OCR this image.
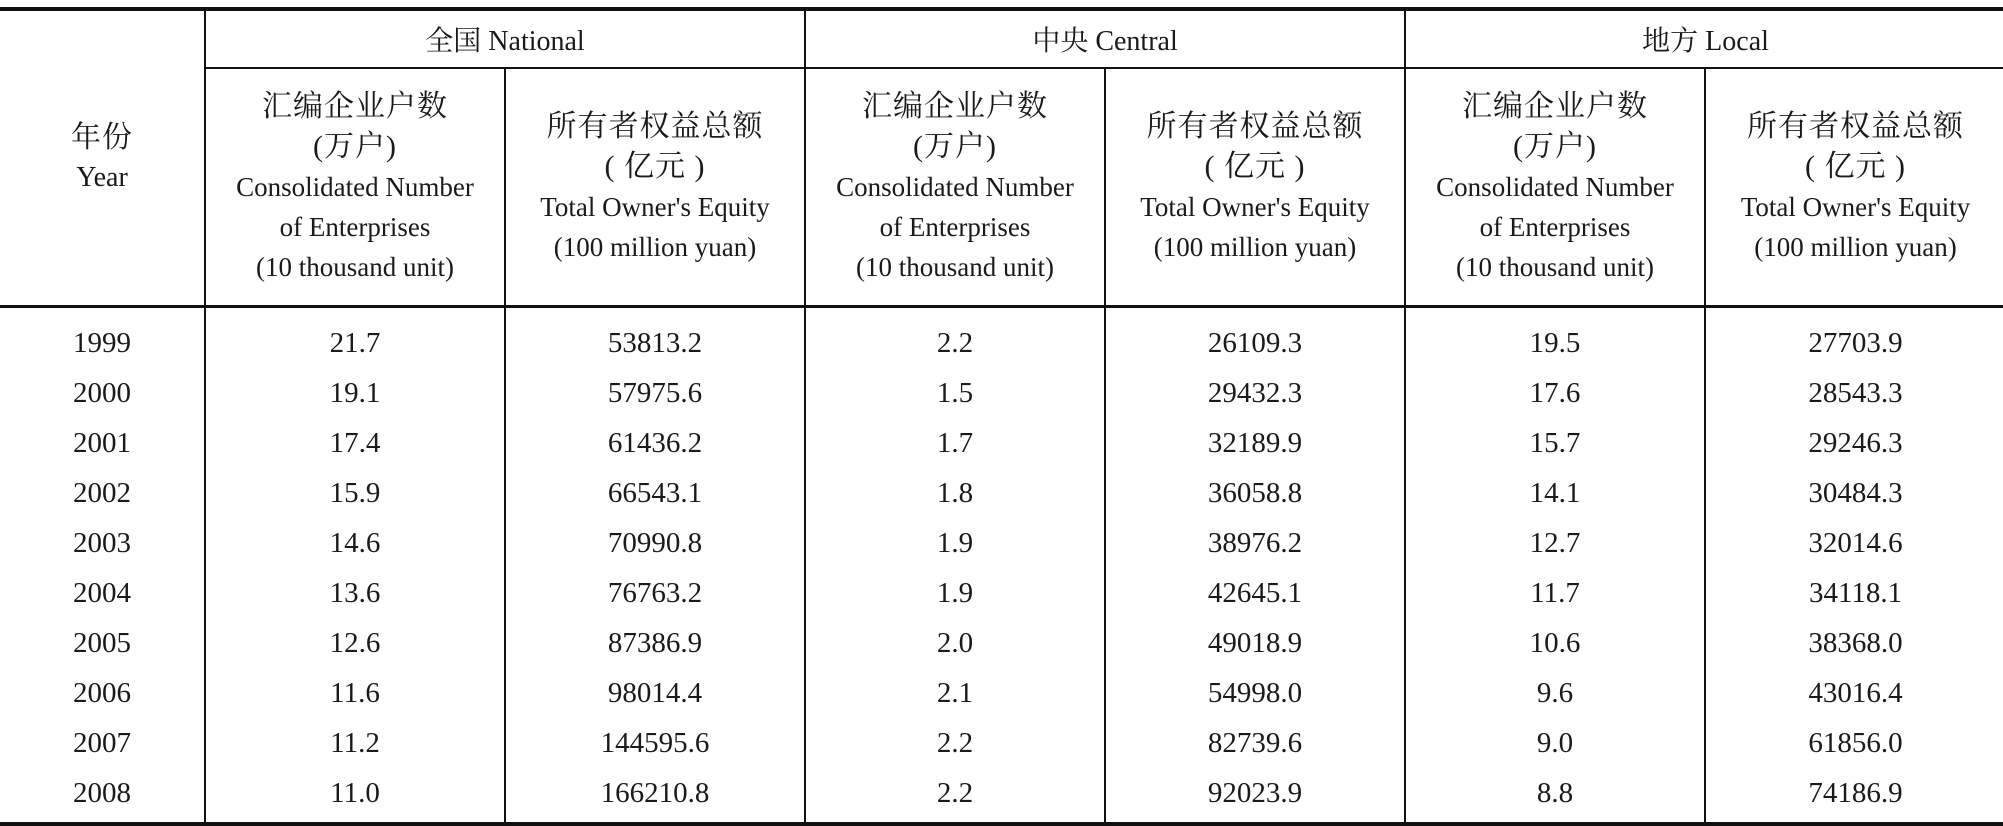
年份
Year	全国 National		中央 Central		地方 Local	

	汇编企业户数
(万户)
Consolidated Number
of Enterprises
(10 thousand unit)	所有者权益总额
( 亿元 )
Total Owner's Equity
(100 million yuan)	汇编企业户数
(万户)
Consolidated Number
of Enterprises
(10 thousand unit)	所有者权益总额
( 亿元 )
Total Owner's Equity
(100 million yuan)	汇编企业户数
(万户)
Consolidated Number
of Enterprises
(10 thousand unit)	所有者权益总额
( 亿元 )
Total Owner's Equity
(100 million yuan)

1999	21.7	53813.2	2.2	26109.3	19.5	27703.9
2000	19.1	57975.6	1.5	29432.3	17.6	28543.3
2001	17.4	61436.2	1.7	32189.9	15.7	29246.3
2002	15.9	66543.1	1.8	36058.8	14.1	30484.3
2003	14.6	70990.8	1.9	38976.2	12.7	32014.6
2004	13.6	76763.2	1.9	42645.1	11.7	34118.1
2005	12.6	87386.9	2.0	49018.9	10.6	38368.0
2006	11.6	98014.4	2.1	54998.0	9.6	43016.4
2007	11.2	144595.6	2.2	82739.6	9.0	61856.0
2008	11.0	166210.8	2.2	92023.9	8.8	74186.9
